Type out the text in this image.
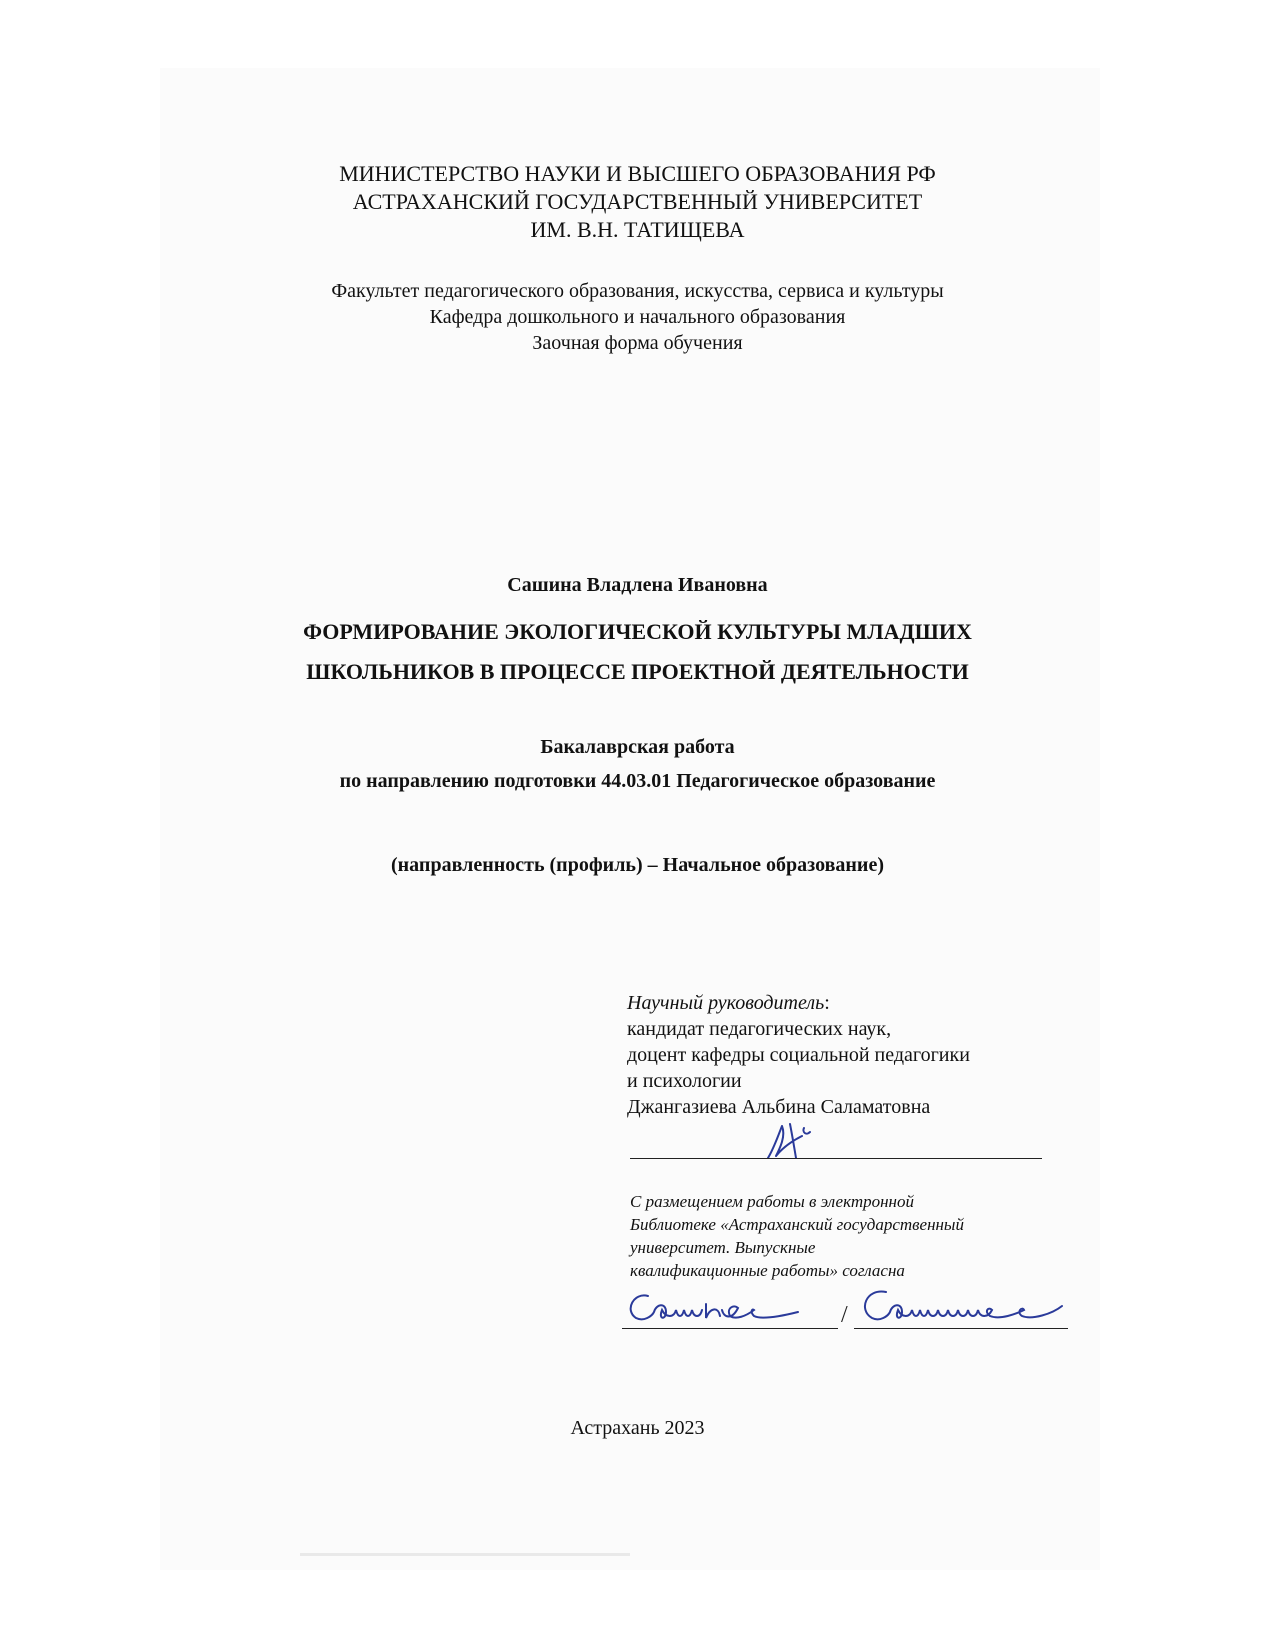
МИНИСТЕРСТВО НАУКИ И ВЫСШЕГО ОБРАЗОВАНИЯ РФ
АСТРАХАНСКИЙ ГОСУДАРСТВЕННЫЙ УНИВЕРСИТЕТ
ИМ. В.Н. ТАТИЩЕВА
Факультет педагогического образования, искусства, сервиса и культуры
Кафедра дошкольного и начального образования
Заочная форма обучения
Сашина Владлена Ивановна
ФОРМИРОВАНИЕ ЭКОЛОГИЧЕСКОЙ КУЛЬТУРЫ МЛАДШИХ
ШКОЛЬНИКОВ В ПРОЦЕССЕ ПРОЕКТНОЙ ДЕЯТЕЛЬНОСТИ
Бакалаврская работа
по направлению подготовки 44.03.01 Педагогическое образование
(направленность (профиль) – Начальное образование)
Научный руководитель:
кандидат педагогических наук,
доцент кафедры социальной педагогики
и психологии
Джангазиева Альбина Саламатовна
С размещением работы в электронной
Библиотеке «Астраханский государственный
университет. Выпускные
квалификационные работы» согласна
/
Астрахань 2023
